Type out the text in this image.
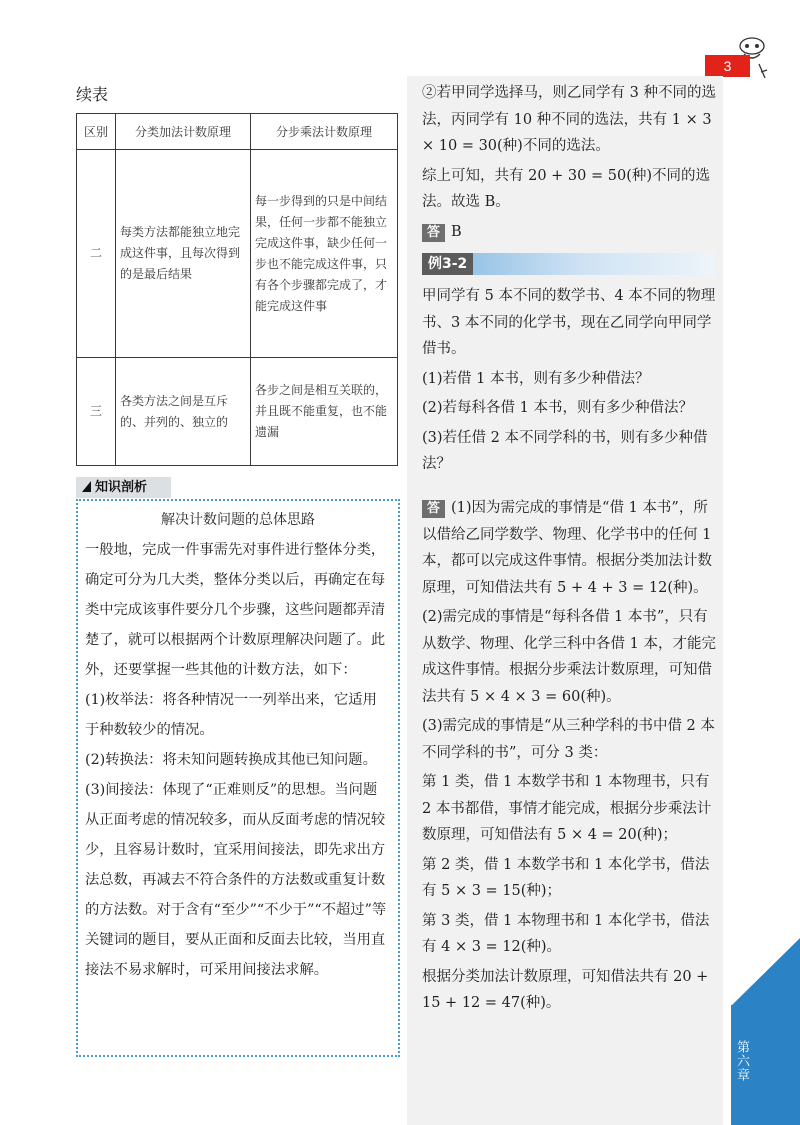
3
第六章
续表
区别	分类加法计数原理	分步乘法计数原理
二	每类方法都能独立地完成这件事，且每次得到的是最后结果	每一步得到的只是中间结果，任何一步都不能独立完成这件事，缺少任何一步也不能完成这件事，只有各个步骤都完成了，才能完成这件事
三	各类方法之间是互斥的、并列的、独立的	各步之间是相互关联的，并且既不能重复，也不能遗漏
知识剖析
解决计数问题的总体思路

一般地，完成一件事需先对事件进行整体分类，确定可分为几大类，整体分类以后，再确定在每类中完成该事件要分几个步骤，这些问题都弄清楚了，就可以根据两个计数原理解决问题了。此外，还要掌握一些其他的计数方法，如下：

(1)枚举法：将各种情况一一列举出来，它适用于种数较少的情况。

(2)转换法：将未知问题转换成其他已知问题。

(3)间接法：体现了“正难则反”的思想。当问题从正面考虑的情况较多，而从反面考虑的情况较少，且容易计数时，宜采用间接法，即先求出方法总数，再减去不符合条件的方法数或重复计数的方法数。对于含有“至少”“不少于”“不超过”等关键词的题目，要从正面和反面去比较，当用直接法不易求解时，可采用间接法求解。

②若甲同学选择马，则乙同学有 3 种不同的选法，丙同学有 10 种不同的选法，共有 1 × 3 × 10 = 30(种)不同的选法。

综上可知，共有 20 + 30 = 50(种)不同的选法。故选 B。

答 B

例3-2

甲同学有 5 本不同的数学书、4 本不同的物理书、3 本不同的化学书，现在乙同学向甲同学借书。

(1)若借 1 本书，则有多少种借法？

(2)若每科各借 1 本书，则有多少种借法？

(3)若任借 2 本不同学科的书，则有多少种借法？

答 (1)因为需完成的事情是“借 1 本书”，所以借给乙同学数学、物理、化学书中的任何 1 本，都可以完成这件事情。根据分类加法计数原理，可知借法共有 5 + 4 + 3 = 12(种)。

(2)需完成的事情是“每科各借 1 本书”，只有从数学、物理、化学三科中各借 1 本，才能完成这件事情。根据分步乘法计数原理，可知借法共有 5 × 4 × 3 = 60(种)。

(3)需完成的事情是“从三种学科的书中借 2 本不同学科的书”，可分 3 类：

第 1 类，借 1 本数学书和 1 本物理书，只有 2 本书都借，事情才能完成，根据分步乘法计数原理，可知借法有 5 × 4 = 20(种)；

第 2 类，借 1 本数学书和 1 本化学书，借法有 5 × 3 = 15(种)；

第 3 类，借 1 本物理书和 1 本化学书，借法有 4 × 3 = 12(种)。

根据分类加法计数原理，可知借法共有 20 + 15 + 12 = 47(种)。
